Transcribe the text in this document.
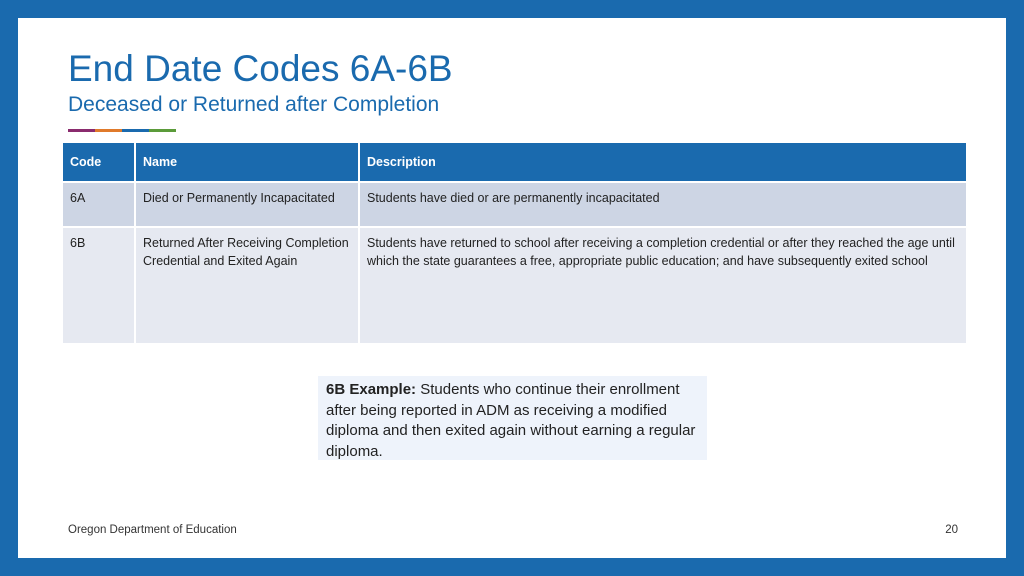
End Date Codes 6A-6B
Deceased or Returned after Completion
Code	Name	Description
6A	Died or Permanently Incapacitated	Students have died or are permanently incapacitated
6B	Returned After Receiving Completion Credential and Exited Again	Students have returned to school after receiving a completion credential or after they reached the age until which the state guarantees a free, appropriate public education; and have subsequently exited school
6B Example: Students who continue their enrollment after being reported in ADM as receiving a modified diploma and then exited again without earning a regular diploma.
Oregon Department of Education	20
